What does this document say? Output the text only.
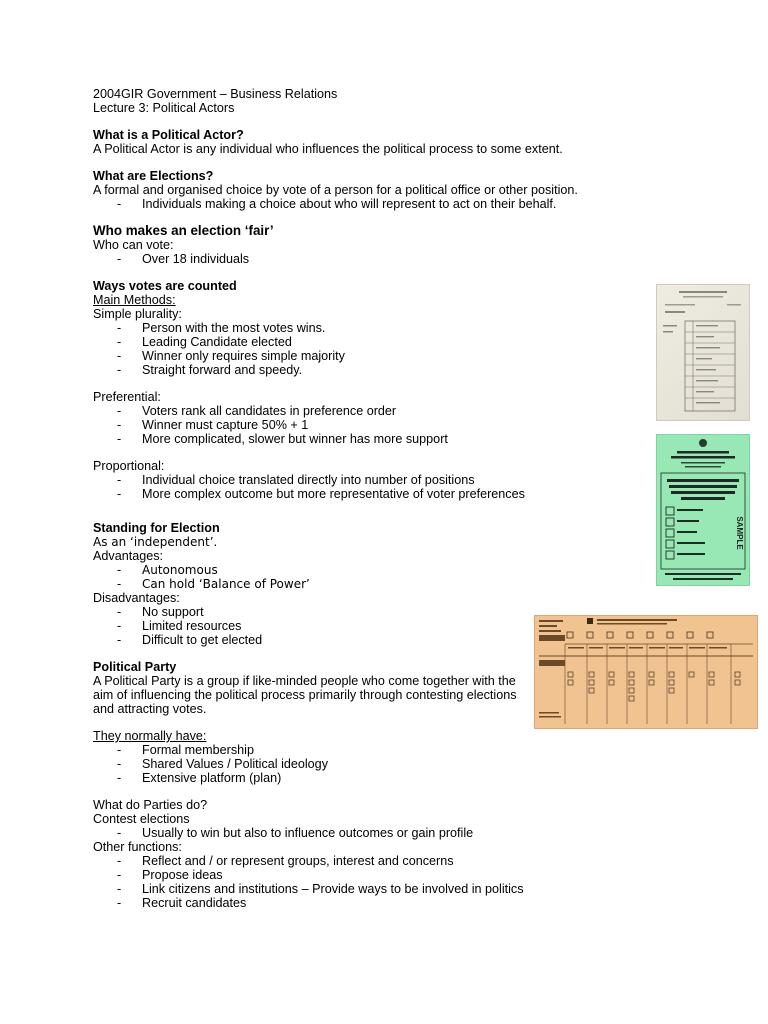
2004GIR Government – Business Relations
Lecture 3: Political Actors
What is a Political Actor?
A Political Actor is any individual who influences the political process to some extent.
What are Elections?
A formal and organised choice by vote of a person for a political office or other position.
-	Individuals making a choice about who will represent to act on their behalf.
Who makes an election ‘fair’
Who can vote:
-	Over 18 individuals
Ways votes are counted
Main Methods:
Simple plurality:
-	Person with the most votes wins.
-	Leading Candidate elected
-	Winner only requires simple majority
-	Straight forward and speedy.
Preferential:
-	Voters rank all candidates in preference order
-	Winner must capture 50% + 1
-	More complicated, slower but winner has more support
Proportional:
-	Individual choice translated directly into number of positions
-	More complex outcome but more representative of voter preferences
Standing for Election
As an ‘independent’.
Advantages:
-	Autonomous
-	Can hold ‘Balance of Power’
Disadvantages:
-	No support
-	Limited resources
-	Difficult to get elected
Political Party
A Political Party is a group if like-minded people who come together with the aim of influencing the political process primarily through contesting elections and attracting votes.
They normally have:
-	Formal membership
-	Shared Values / Political ideology
-	Extensive platform (plan)
What do Parties do?
Contest elections
-	Usually to win but also to influence outcomes or gain profile
Other functions:
-	Reflect and / or represent groups, interest and concerns
-	Propose ideas
-	Link citizens and institutions – Provide ways to be involved in politics
-	Recruit candidates
SAMPLE
